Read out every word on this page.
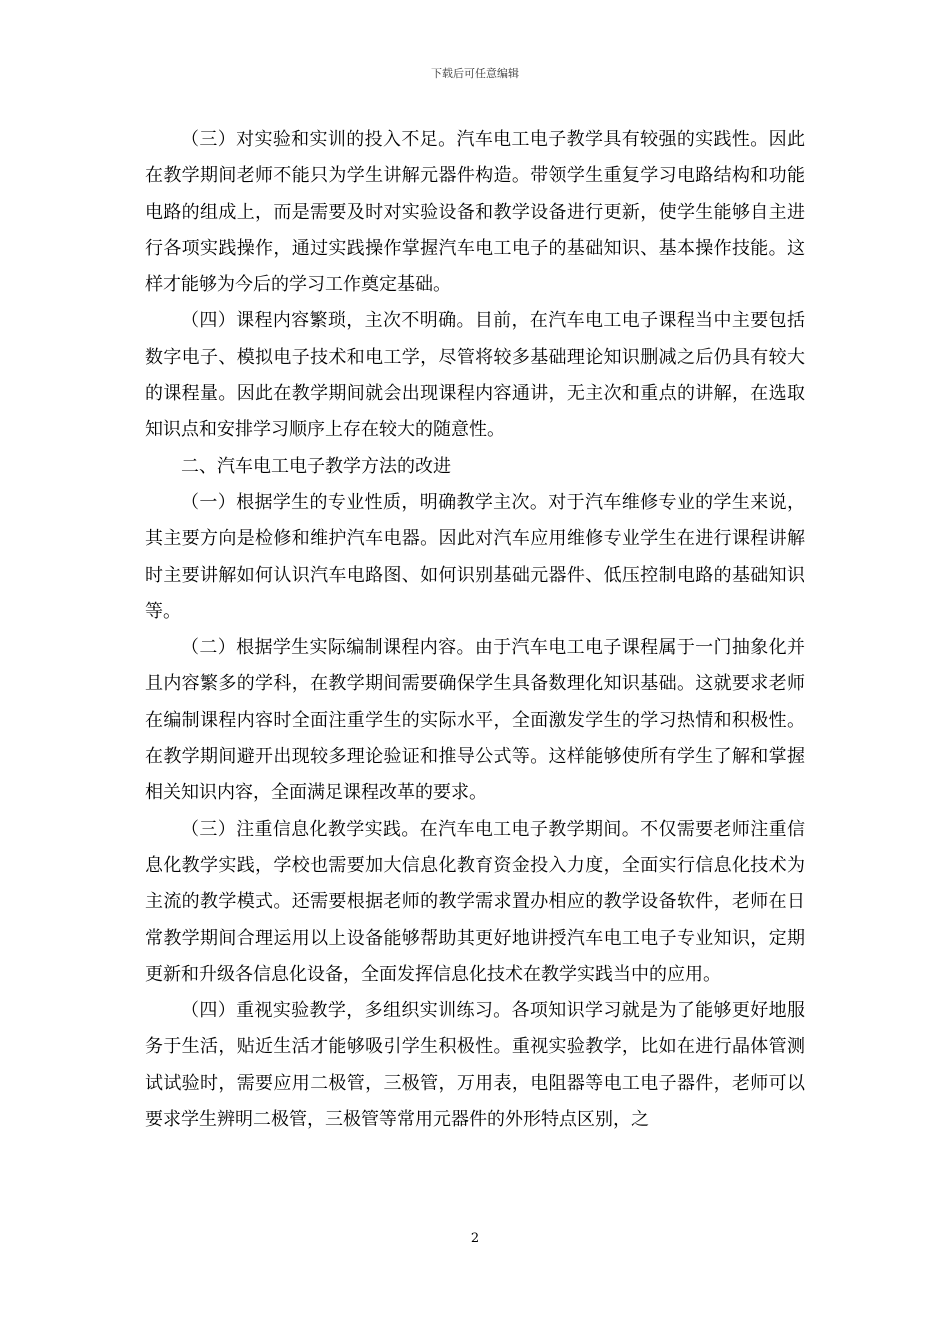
下载后可任意编辑

（三）对实验和实训的投入不足。汽车电工电子教学具有较强的实践性。因此在教学期间老师不能只为学生讲解元器件构造。带领学生重复学习电路结构和功能电路的组成上，而是需要及时对实验设备和教学设备进行更新，使学生能够自主进行各项实践操作，通过实践操作掌握汽车电工电子的基础知识、基本操作技能。这样才能够为今后的学习工作奠定基础。

（四）课程内容繁琐，主次不明确。目前，在汽车电工电子课程当中主要包括数字电子、模拟电子技术和电工学，尽管将较多基础理论知识删减之后仍具有较大的课程量。因此在教学期间就会出现课程内容通讲，无主次和重点的讲解，在选取知识点和安排学习顺序上存在较大的随意性。

二、汽车电工电子教学方法的改进

（一）根据学生的专业性质，明确教学主次。对于汽车维修专业的学生来说，其主要方向是检修和维护汽车电器。因此对汽车应用维修专业学生在进行课程讲解时主要讲解如何认识汽车电路图、如何识别基础元器件、低压控制电路的基础知识等。

（二）根据学生实际编制课程内容。由于汽车电工电子课程属于一门抽象化并且内容繁多的学科，在教学期间需要确保学生具备数理化知识基础。这就要求老师在编制课程内容时全面注重学生的实际水平，全面激发学生的学习热情和积极性。在教学期间避开出现较多理论验证和推导公式等。这样能够使所有学生了解和掌握相关知识内容，全面满足课程改革的要求。

（三）注重信息化教学实践。在汽车电工电子教学期间。不仅需要老师注重信息化教学实践，学校也需要加大信息化教育资金投入力度，全面实行信息化技术为主流的教学模式。还需要根据老师的教学需求置办相应的教学设备软件，老师在日常教学期间合理运用以上设备能够帮助其更好地讲授汽车电工电子专业知识，定期更新和升级各信息化设备，全面发挥信息化技术在教学实践当中的应用。

（四）重视实验教学，多组织实训练习。各项知识学习就是为了能够更好地服务于生活，贴近生活才能够吸引学生积极性。重视实验教学，比如在进行晶体管测试试验时，需要应用二极管，三极管，万用表，电阻器等电工电子器件，老师可以要求学生辨明二极管，三极管等常用元器件的外形特点区别，之

2
